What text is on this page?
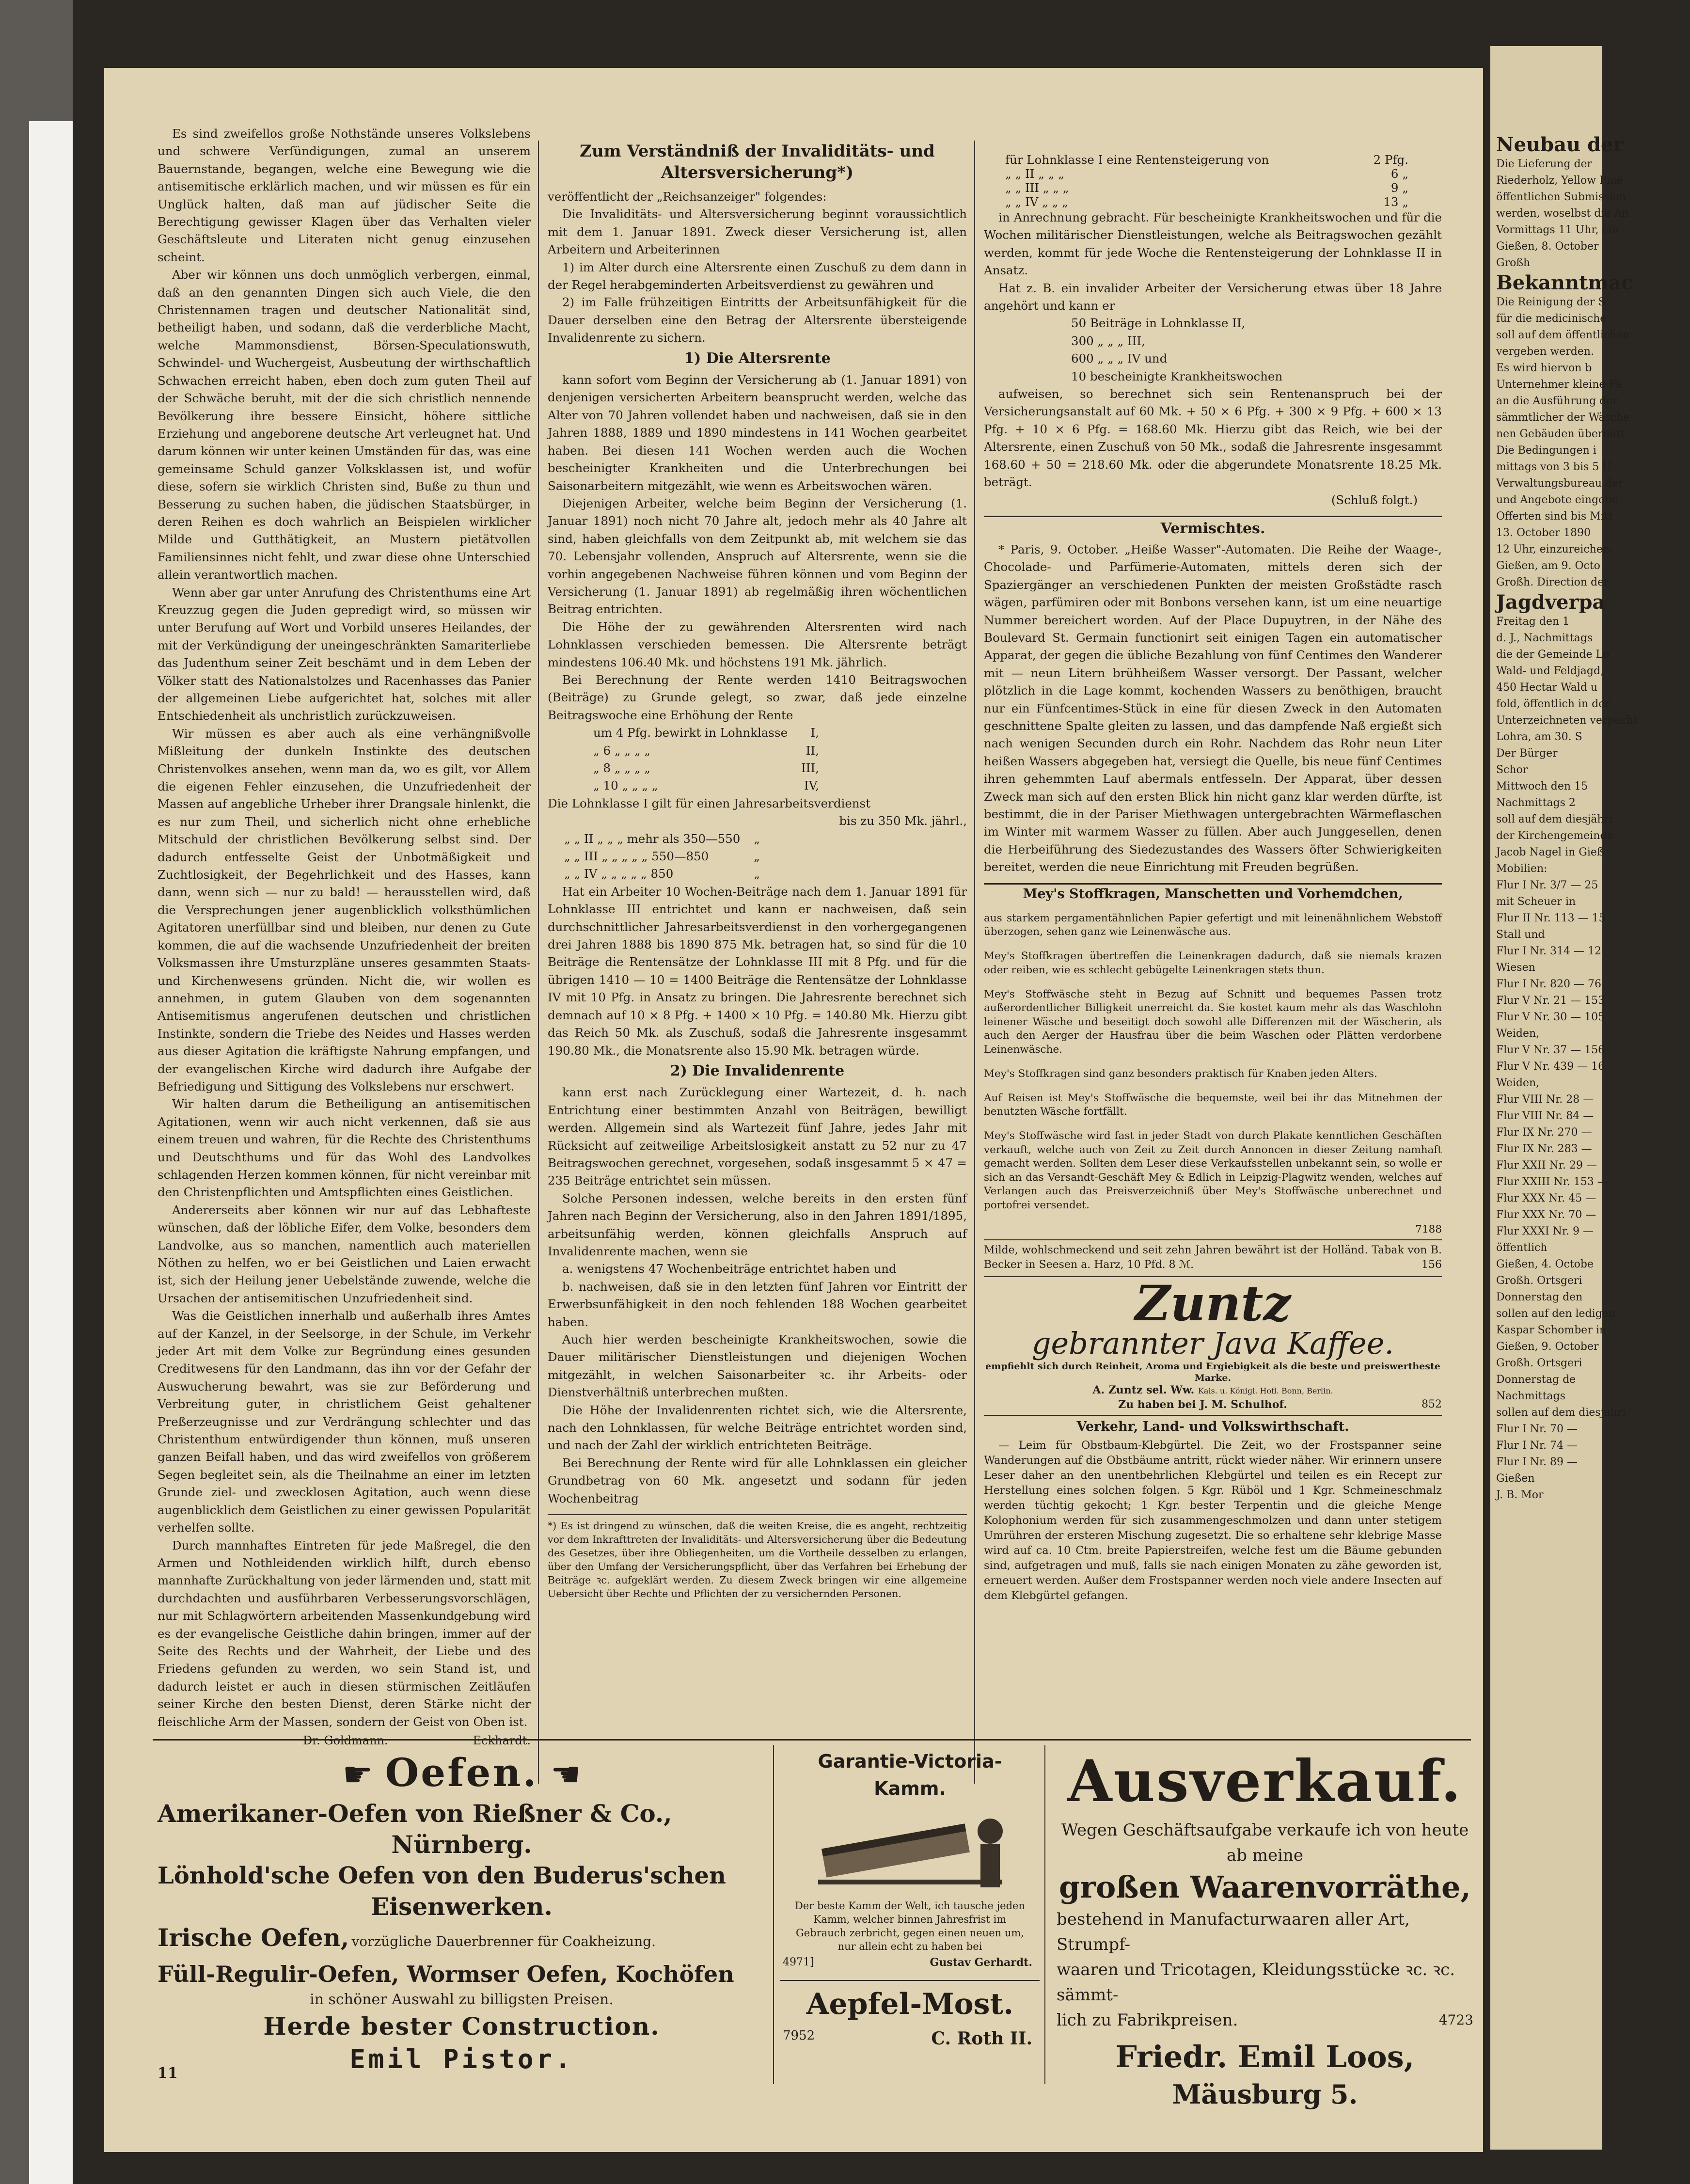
Es sind zweifellos große Nothstände unseres Volkslebens und schwere Verſündigungen, zumal an unserem Bauernstande, begangen, welche eine Bewegung wie die antisemitische erklärlich machen, und wir müssen es für ein Unglück halten, daß man auf jüdischer Seite die Berechtigung gewisser Klagen über das Verhalten vieler Geschäftsleute und Literaten nicht genug einzusehen scheint.

Aber wir können uns doch unmöglich verbergen, einmal, daß an den genannten Dingen sich auch Viele, die den Christennamen tragen und deutscher Nationalität sind, betheiligt haben, und sodann, daß die verderbliche Macht, welche Mammonsdienst, Börsen-Speculationswuth, Schwindel- und Wuchergeist, Ausbeutung der wirthschaftlich Schwachen erreicht haben, eben doch zum guten Theil auf der Schwäche beruht, mit der die sich christlich nennende Bevölkerung ihre bessere Einsicht, höhere sittliche Erziehung und angeborene deutsche Art verleugnet hat. Und darum können wir unter keinen Umständen für das, was eine gemeinsame Schuld ganzer Volksklassen ist, und wofür diese, sofern sie wirklich Christen sind, Buße zu thun und Besserung zu suchen haben, die jüdischen Staatsbürger, in deren Reihen es doch wahrlich an Beispielen wirklicher Milde und Gutthätigkeit, an Mustern pietätvollen Familiensinnes nicht fehlt, und zwar diese ohne Unterschied allein verantwortlich machen.

Wenn aber gar unter Anrufung des Christenthums eine Art Kreuzzug gegen die Juden gepredigt wird, so müssen wir unter Berufung auf Wort und Vorbild unseres Heilandes, der mit der Verkündigung der uneingeschränkten Samariterliebe das Judenthum seiner Zeit beschämt und in dem Leben der Völker statt des Nationalstolzes und Racenhasses das Panier der allgemeinen Liebe aufgerichtet hat, solches mit aller Entschiedenheit als unchristlich zurückzuweisen.

Wir müssen es aber auch als eine verhängnißvolle Mißleitung der dunkeln Instinkte des deutschen Christenvolkes ansehen, wenn man da, wo es gilt, vor Allem die eigenen Fehler einzusehen, die Unzufriedenheit der Massen auf angebliche Urheber ihrer Drangsale hinlenkt, die es nur zum Theil, und sicherlich nicht ohne erhebliche Mitschuld der christlichen Bevölkerung selbst sind. Der dadurch entfesselte Geist der Unbotmäßigkeit und Zuchtlosigkeit, der Begehrlichkeit und des Hasses, kann dann, wenn sich — nur zu bald! — herausstellen wird, daß die Versprechungen jener augenblicklich volksthümlichen Agitatoren unerfüllbar sind und bleiben, nur denen zu Gute kommen, die auf die wachsende Unzufriedenheit der breiten Volksmassen ihre Umsturzpläne unseres gesammten Staats- und Kirchenwesens gründen. Nicht die, wir wollen es annehmen, in gutem Glauben von dem sogenannten Antisemitismus angerufenen deutschen und christlichen Instinkte, sondern die Triebe des Neides und Hasses werden aus dieser Agitation die kräftigste Nahrung empfangen, und der evangelischen Kirche wird dadurch ihre Aufgabe der Befriedigung und Sittigung des Volkslebens nur erschwert.

Wir halten darum die Betheiligung an antisemitischen Agitationen, wenn wir auch nicht verkennen, daß sie aus einem treuen und wahren, für die Rechte des Christenthums und Deutschthums und für das Wohl des Landvolkes schlagenden Herzen kommen können, für nicht vereinbar mit den Christenpflichten und Amtspflichten eines Geistlichen.

Andererseits aber können wir nur auf das Lebhafteste wünschen, daß der löbliche Eifer, dem Volke, besonders dem Landvolke, aus so manchen, namentlich auch materiellen Nöthen zu helfen, wo er bei Geistlichen und Laien erwacht ist, sich der Heilung jener Uebelstände zuwende, welche die Ursachen der antisemitischen Unzufriedenheit sind.

Was die Geistlichen innerhalb und außerhalb ihres Amtes auf der Kanzel, in der Seelsorge, in der Schule, im Verkehr jeder Art mit dem Volke zur Begründung eines gesunden Creditwesens für den Landmann, das ihn vor der Gefahr der Auswucherung bewahrt, was sie zur Beförderung und Verbreitung guter, in christlichem Geist gehaltener Preßerzeugnisse und zur Verdrängung schlechter und das Christenthum entwürdigender thun können, muß unseren ganzen Beifall haben, und das wird zweifellos von größerem Segen begleitet sein, als die Theilnahme an einer im letzten Grunde ziel- und zwecklosen Agitation, auch wenn diese augenblicklich dem Geistlichen zu einer gewissen Popularität verhelfen sollte.

Durch mannhaftes Eintreten für jede Maßregel, die den Armen und Nothleidenden wirklich hilft, durch ebenso mannhafte Zurückhaltung von jeder lärmenden und, statt mit durchdachten und ausführbaren Verbesserungsvorschlägen, nur mit Schlagwörtern arbeitenden Massenkundgebung wird es der evangelische Geistliche dahin bringen, immer auf der Seite des Rechts und der Wahrheit, der Liebe und des Friedens gefunden zu werden, wo sein Stand ist, und dadurch leistet er auch in diesen stürmischen Zeitläufen seiner Kirche den besten Dienst, deren Stärke nicht der fleischliche Arm der Massen, sondern der Geist von Oben ist.

Zum Verständniß der Invaliditäts- und Altersversicherung*)

veröffentlicht der „Reichsanzeiger" folgendes:

Die Invaliditäts- und Altersversicherung beginnt voraussichtlich mit dem 1. Januar 1891. Zweck dieser Versicherung ist, allen Arbeitern und Arbeiterinnen

1) im Alter durch eine Altersrente einen Zuschuß zu dem dann in der Regel herabgeminderten Arbeitsverdienst zu gewähren und

2) im Falle frühzeitigen Eintritts der Arbeitsunfähigkeit für die Dauer derselben eine den Betrag der Altersrente übersteigende Invalidenrente zu sichern.

1) Die Altersrente

kann sofort vom Beginn der Versicherung ab (1. Januar 1891) von denjenigen versicherten Arbeitern beansprucht werden, welche das Alter von 70 Jahren vollendet haben und nachweisen, daß sie in den Jahren 1888, 1889 und 1890 mindestens in 141 Wochen gearbeitet haben. Bei diesen 141 Wochen werden auch die Wochen bescheinigter Krankheiten und die Unterbrechungen bei Saisonarbeitern mitgezählt, wie wenn es Arbeitswochen wären.

Diejenigen Arbeiter, welche beim Beginn der Versicherung (1. Januar 1891) noch nicht 70 Jahre alt, jedoch mehr als 40 Jahre alt sind, haben gleichfalls von dem Zeitpunkt ab, mit welchem sie das 70. Lebensjahr vollenden, Anspruch auf Altersrente, wenn sie die vorhin angegebenen Nachweise führen können und vom Beginn der Versicherung (1. Januar 1891) ab regelmäßig ihren wöchentlichen Beitrag entrichten.

Die Höhe der zu gewährenden Altersrenten wird nach Lohnklassen verschieden bemessen. Die Altersrente beträgt mindestens 106.40 Mk. und höchstens 191 Mk. jährlich.

Bei Berechnung der Rente werden 1410 Beitragswochen (Beiträge) zu Grunde gelegt, so zwar, daß jede einzelne Beitragswoche eine Erhöhung der Rente

um 4 Pfg. bewirkt in Lohnklasse	I,
„ 6 „ „ „ „	II,
„ 8 „ „ „ „	III,
„ 10 „ „ „ „	IV,
Die Lohnklasse I gilt für einen Jahresarbeitsverdienst
bis zu 350 Mk. jährl.,
„ „ II „ „ „ mehr als 350—550	„
„ „ III „ „ „ „ „ 550—850	„
„ „ IV „ „ „ „ „ 850	„

Hat ein Arbeiter 10 Wochen-Beiträge nach dem 1. Januar 1891 für Lohnklasse III entrichtet und kann er nachweisen, daß sein durchschnittlicher Jahresarbeitsverdienst in den vorhergegangenen drei Jahren 1888 bis 1890 875 Mk. betragen hat, so sind für die 10 Beiträge die Rentensätze der Lohnklasse III mit 8 Pfg. und für die übrigen 1410 — 10 = 1400 Beiträge die Rentensätze der Lohnklasse IV mit 10 Pfg. in Ansatz zu bringen. Die Jahresrente berechnet sich demnach auf 10 × 8 Pfg. + 1400 × 10 Pfg. = 140.80 Mk. Hierzu gibt das Reich 50 Mk. als Zuschuß, sodaß die Jahresrente insgesammt 190.80 Mk., die Monatsrente also 15.90 Mk. betragen würde.

2) Die Invalidenrente

kann erst nach Zurücklegung einer Wartezeit, d. h. nach Entrichtung einer bestimmten Anzahl von Beiträgen, bewilligt werden. Allgemein sind als Wartezeit fünf Jahre, jedes Jahr mit Rücksicht auf zeitweilige Arbeitslosigkeit anstatt zu 52 nur zu 47 Beitragswochen gerechnet, vorgesehen, sodaß insgesammt 5 × 47 = 235 Beiträge entrichtet sein müssen.

Solche Personen indessen, welche bereits in den ersten fünf Jahren nach Beginn der Versicherung, also in den Jahren 1891/1895, arbeitsunfähig werden, können gleichfalls Anspruch auf Invalidenrente machen, wenn sie

a. wenigstens 47 Wochenbeiträge entrichtet haben und

b. nachweisen, daß sie in den letzten fünf Jahren vor Eintritt der Erwerbsunfähigkeit in den noch fehlenden 188 Wochen gearbeitet haben.

Auch hier werden bescheinigte Krankheitswochen, sowie die Dauer militärischer Dienstleistungen und diejenigen Wochen mitgezählt, in welchen Saisonarbeiter ꝛc. ihr Arbeits- oder Dienstverhältniß unterbrechen mußten.

Die Höhe der Invalidenrenten richtet sich, wie die Altersrente, nach den Lohnklassen, für welche Beiträge entrichtet worden sind, und nach der Zahl der wirklich entrichteten Beiträge.

Bei Berechnung der Rente wird für alle Lohnklassen ein gleicher Grundbetrag von 60 Mk. angesetzt und sodann für jeden Wochenbeitrag

*) Es ist dringend zu wünschen, daß die weiten Kreise, die es angeht, rechtzeitig vor dem Inkrafttreten der Invaliditäts- und Altersversicherung über die Bedeutung des Gesetzes, über ihre Obliegenheiten, um die Vortheile desselben zu erlangen, über den Umfang der Versicherungspflicht, über das Verfahren bei Erhebung der Beiträge ꝛc. aufgeklärt werden. Zu diesem Zweck bringen wir eine allgemeine Uebersicht über Rechte und Pflichten der zu versichernden Personen.

für Lohnklasse I eine Rentensteigerung von	2 Pfg.
„ „ II „ „ „	6 „
„ „ III „ „ „	9 „
„ „ IV „ „ „	13 „

in Anrechnung gebracht. Für bescheinigte Krankheitswochen und für die Wochen militärischer Dienstleistungen, welche als Beitragswochen gezählt werden, kommt für jede Woche die Rentensteigerung der Lohnklasse II in Ansatz.

Hat z. B. ein invalider Arbeiter der Versicherung etwas über 18 Jahre angehört und kann er

50 Beiträge in Lohnklasse II,
300 „ „ „ III,
600 „ „ „ IV und
10 bescheinigte Krankheitswochen

aufweisen, so berechnet sich sein Rentenanspruch bei der Versicherungsanstalt auf 60 Mk. + 50 × 6 Pfg. + 300 × 9 Pfg. + 600 × 13 Pfg. + 10 × 6 Pfg. = 168.60 Mk. Hierzu gibt das Reich, wie bei der Altersrente, einen Zuschuß von 50 Mk., sodaß die Jahresrente insgesammt 168.60 + 50 = 218.60 Mk. oder die abgerundete Monatsrente 18.25 Mk. beträgt.

(Schluß folgt.)

Vermischtes.

* Paris, 9. October. „Heiße Wasser"-Automaten. Die Reihe der Waage-, Chocolade- und Parfümerie-Automaten, mittels deren sich der Spaziergänger an verschiedenen Punkten der meisten Großstädte rasch wägen, parfümiren oder mit Bonbons versehen kann, ist um eine neuartige Nummer bereichert worden. Auf der Place Dupuytren, in der Nähe des Boulevard St. Germain functionirt seit einigen Tagen ein automatischer Apparat, der gegen die übliche Bezahlung von fünf Centimes den Wanderer mit — neun Litern brühheißem Wasser versorgt. Der Passant, welcher plötzlich in die Lage kommt, kochenden Wassers zu benöthigen, braucht nur ein Fünfcentimes-Stück in eine für diesen Zweck in den Automaten geschnittene Spalte gleiten zu lassen, und das dampfende Naß ergießt sich nach wenigen Secunden durch ein Rohr. Nachdem das Rohr neun Liter heißen Wassers abgegeben hat, versiegt die Quelle, bis neue fünf Centimes ihren gehemmten Lauf abermals entfesseln. Der Apparat, über dessen Zweck man sich auf den ersten Blick hin nicht ganz klar werden dürfte, ist bestimmt, die in der Pariser Miethwagen untergebrachten Wärmeflaschen im Winter mit warmem Wasser zu füllen. Aber auch Junggesellen, denen die Herbeiführung des Siedezustandes des Wassers öfter Schwierigkeiten bereitet, werden die neue Einrichtung mit Freuden begrüßen.

Mey's Stoffkragen, Manschetten und Vorhemdchen,

aus starkem pergamentähnlichen Papier gefertigt und mit leinenähnlichem Webstoff überzogen, sehen ganz wie Leinenwäsche aus.

Mey's Stoffkragen übertreffen die Leinenkragen dadurch, daß sie niemals krazen oder reiben, wie es schlecht gebügelte Leinenkragen stets thun.

Mey's Stoffwäsche steht in Bezug auf Schnitt und bequemes Passen trotz außerordentlicher Billigkeit unerreicht da. Sie kostet kaum mehr als das Waschlohn leinener Wäsche und beseitigt doch sowohl alle Differenzen mit der Wäscherin, als auch den Aerger der Hausfrau über die beim Waschen oder Plätten verdorbene Leinenwäsche.

Mey's Stoffkragen sind ganz besonders praktisch für Knaben jeden Alters.

Auf Reisen ist Mey's Stoffwäsche die bequemste, weil bei ihr das Mitnehmen der benutzten Wäsche fortfällt.

Mey's Stoffwäsche wird fast in jeder Stadt von durch Plakate kenntlichen Geschäften verkauft, welche auch von Zeit zu Zeit durch Annoncen in dieser Zeitung namhaft gemacht werden. Sollten dem Leser diese Verkaufsstellen unbekannt sein, so wolle er sich an das Versandt-Geschäft Mey & Edlich in Leipzig-Plagwitz wenden, welches auf Verlangen auch das Preisverzeichniß über Mey's Stoffwäsche unberechnet und portofrei versendet.

7188
Milde, wohlschmeckend und seit zehn Jahren bewährt ist der Holländ. Tabak von B. Becker in Seesen a. Harz, 10 Pfd. 8 ℳ.	156
Zuntz
gebrannter Java Kaffee.
empfiehlt sich durch Reinheit, Aroma und Ergiebigkeit als die beste und preiswertheste Marke.
A. Zuntz sel. Ww. Kais. u. Königl. Hofl. Bonn, Berlin.
Zu haben bei J. M. Schulhof.	852
Verkehr, Land- und Volkswirthschaft.

— Leim für Obstbaum-Klebgürtel. Die Zeit, wo der Frostspanner seine Wanderungen auf die Obstbäume antritt, rückt wieder näher. Wir erinnern unsere Leser daher an den unentbehrlichen Klebgürtel und teilen es ein Recept zur Herstellung eines solchen folgen. 5 Kgr. Rüböl und 1 Kgr. Schmeineschmalz werden tüchtig gekocht; 1 Kgr. bester Terpentin und die gleiche Menge Kolophonium werden für sich zusammengeschmolzen und dann unter stetigem Umrühren der ersteren Mischung zugesetzt. Die so erhaltene sehr klebrige Masse wird auf ca. 10 Ctm. breite Papierstreifen, welche fest um die Bäume gebunden sind, aufgetragen und muß, falls sie nach einigen Monaten zu zähe geworden ist, erneuert werden. Außer dem Frostspanner werden noch viele andere Insecten auf dem Klebgürtel gefangen.

☛ Oefen. ☛
Amerikaner-Oefen von Rießner & Co.,
Nürnberg.
Lönhold'sche Oefen von den Buderus'schen
Eisenwerken.
Irische Oefen, vorzügliche Dauerbrenner für Coakheizung.
Füll-Regulir-Oefen, Wormser Oefen, Kochöfen
in schöner Auswahl zu billigsten Preisen.
Herde bester Construction.
Emil Pistor.
11
Garantie-Victoria-Kamm.
Der beste Kamm der Welt, ich tausche jeden Kamm, welcher binnen Jahresfrist im Gebrauch zerbricht, gegen einen neuen um, nur allein echt zu haben bei
4971]	Gustav Gerhardt.
Aepfel-Most.
7952	C. Roth II.
Ausverkauf.
Wegen Geschäftsaufgabe verkaufe ich von heute ab meine
großen Waarenvorräthe,
bestehend in Manufacturwaaren aller Art, Strumpf-
waaren und Tricotagen, Kleidungsstücke ꝛc. ꝛc. sämmt-
lich zu Fabrikpreisen.	4723
Friedr. Emil Loos,
Mäusburg 5.
Neubau der
Die Lieferung der
Riederholz, Yellow Pine
öffentlichen Submission
werden, woselbst die An
Vormittags 11 Uhr, ein
Gießen, 8. October
Großh
Bekanntmac
Die Reinigung der S
für die medicinische
soll auf dem öffentlichen
vergeben werden.
Es wird hiervon b
Unternehmer kleine Fa
an die Ausführung der
sämmtlicher der Wäsche
nen Gebäuden übermitt
Die Bedingungen i
mittags von 3 bis 5 U
Verwaltungsbureau der
und Angebote eingebe
Offerten sind bis Mitt
13. October 1890
12 Uhr, einzureichen.
Gießen, am 9. Octo
Großh. Direction der
Jagdverpa
Freitag den 1
d. J., Nachmittags
die der Gemeinde Lo
Wald- und Feldjagd,
450 Hectar Wald u
fold, öffentlich in der
Unterzeichneten verpacht
Lohra, am 30. S
Der Bürger
Schor
Mittwoch den 15
Nachmittags 2
soll auf dem diesjähri
der Kirchengemeinde
Jacob Nagel in Gieß
Mobilien:
Flur I Nr. 3/7 — 25
mit Scheuer in
Flur II Nr. 113 — 15
Stall und
Flur I Nr. 314 — 12
Wiesen
Flur I Nr. 820 — 76
Flur V Nr. 21 — 153
Flur V Nr. 30 — 105
Weiden,
Flur V Nr. 37 — 156
Flur V Nr. 439 — 16
Weiden,
Flur VIII Nr. 28 —
Flur VIII Nr. 84 —
Flur IX Nr. 270 —
Flur IX Nr. 283 —
Flur XXII Nr. 29 —
Flur XXIII Nr. 153 —
Flur XXX Nr. 45 —
Flur XXX Nr. 70 —
Flur XXXI Nr. 9 —
öffentlich
Gießen, 4. Octobe
Großh. Ortsgeri
Donnerstag den
sollen auf den ledigen
Kaspar Schomber in
Gießen, 9. October
Großh. Ortsgeri
Donnerstag de
Nachmittags
sollen auf dem diesjähri
Flur I Nr. 70 —
Flur I Nr. 74 —
Flur I Nr. 89 —
Gießen
J. B. Mor
